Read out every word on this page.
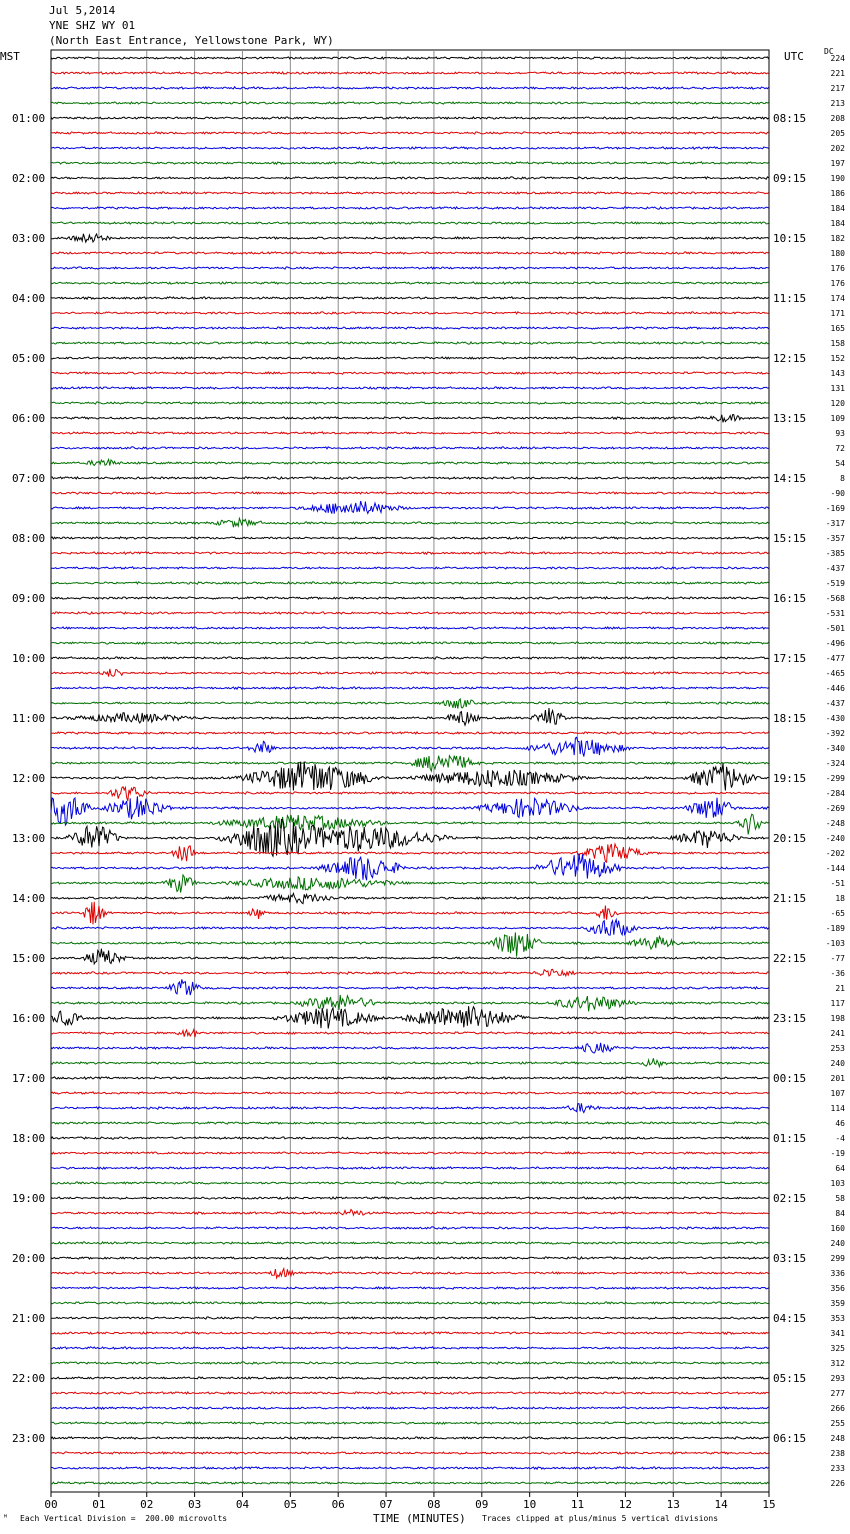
Jul 5,2014
YNE SHZ WY 01
(North East Entrance, Yellowstone Park, WY)
MST	UTC	DC
01:00
02:00
03:00
04:00
05:00
06:00
07:00
08:00
09:00
10:00
11:00
12:00
13:00
14:00
15:00
16:00
17:00
18:00
19:00
20:00
21:00
22:00
23:00
08:15
09:15
10:15
11:15
12:15
13:15
14:15
15:15
16:15
17:15
18:15
19:15
20:15
21:15
22:15
23:15
00:15
01:15
02:15
03:15
04:15
05:15
06:15
224
221
217
213
208
205
202
197
190
186
184
184
182
180
176
176
174
171
165
158
152
143
131
120
109
93
72
54
8
-90
-169
-317
-357
-385
-437
-519
-568
-531
-501
-496
-477
-465
-446
-437
-430
-392
-340
-324
-299
-284
-269
-248
-240
-202
-144
-51
18
-65
-189
-103
-77
-36
21
117
198
241
253
240
201
107
114
46
-4
-19
64
103
58
84
160
240
299
336
356
359
353
341
325
312
293
277
266
255
248
238
233
226
00	01	02	03	04	05	06	07	08	09	10	11	12	13	14	15
ᴹ Each Vertical Division =  200.00 microvolts	TIME (MINUTES) Traces clipped at plus/minus 5 vertical divisions
